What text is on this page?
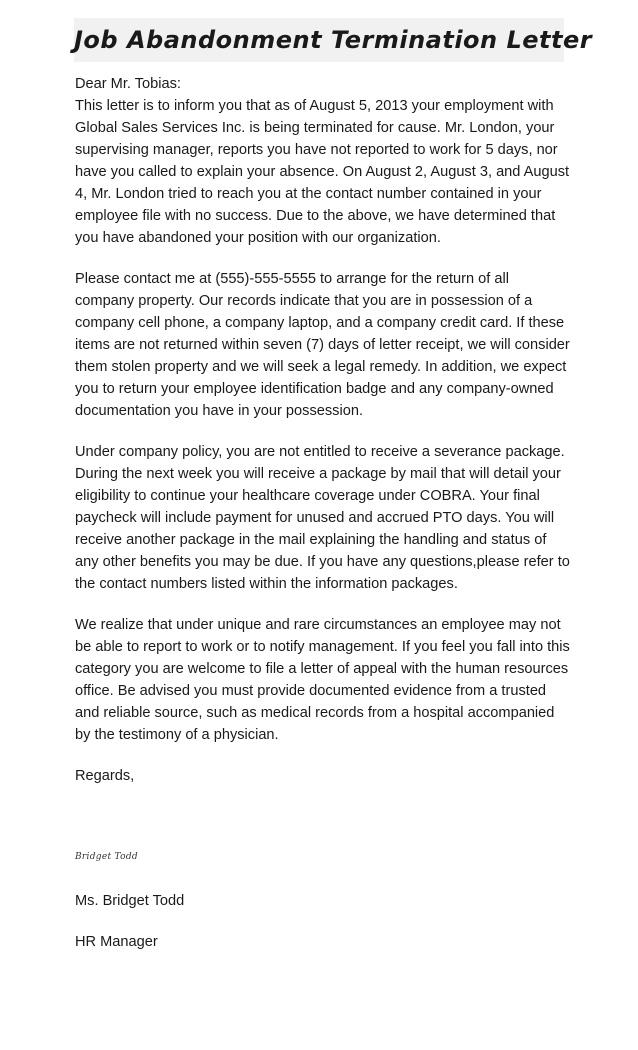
Job Abandonment Termination Letter

Dear Mr. Tobias:

This letter is to inform you that as of August 5, 2013 your employment with Global Sales Services Inc. is being terminated for cause. Mr. London, your supervising manager, reports you have not reported to work for 5 days, nor have you called to explain your absence. On August 2, August 3, and August 4, Mr. London tried to reach you at the contact number contained in your employee file with no success. Due to the above, we have determined that you have abandoned your position with our organization.

Please contact me at (555)-555-5555 to arrange for the return of all company property. Our records indicate that you are in possession of a company cell phone, a company laptop, and a company credit card. If these items are not returned within seven (7) days of letter receipt, we will consider them stolen property and we will seek a legal remedy. In addition, we expect you to return your employee identification badge and any company-owned documentation you have in your possession.

Under company policy, you are not entitled to receive a severance package. During the next week you will receive a package by mail that will detail your eligibility to continue your healthcare coverage under COBRA. Your final paycheck will include payment for unused and accrued PTO days. You will receive another package in the mail explaining the handling and status of any other benefits you may be due. If you have any questions,please refer to the contact numbers listed within the information packages.

We realize that under unique and rare circumstances an employee may not be able to report to work or to notify management. If you feel you fall into this category you are welcome to file a letter of appeal with the human resources office. Be advised you must provide documented evidence from a trusted and reliable source, such as medical records from a hospital accompanied by the testimony of a physician.

Regards,

Bridget Todd
Ms. Bridget Todd
HR Manager
